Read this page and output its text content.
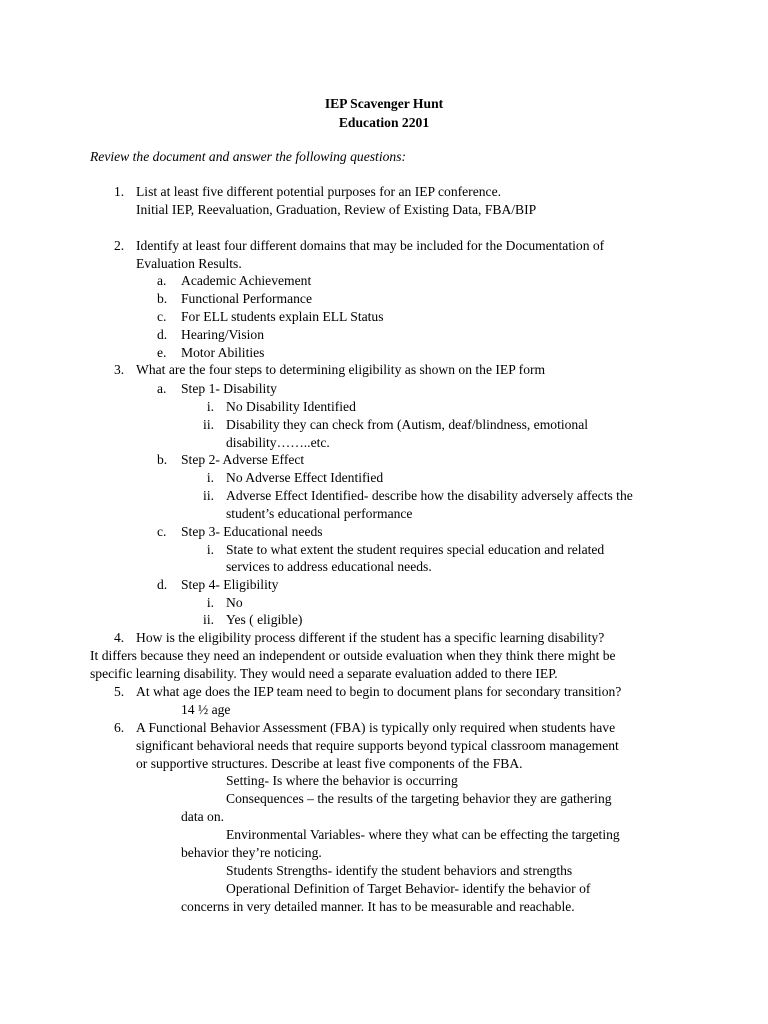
IEP Scavenger Hunt
Education 2201
Review the document and answer the following questions:
1. List at least five different potential purposes for an IEP conference.
Initial IEP, Reevaluation, Graduation, Review of Existing Data, FBA/BIP
2. Identify at least four different domains that may be included for the Documentation of
Evaluation Results.
a. Academic Achievement
b. Functional Performance
c. For ELL students explain ELL Status
d. Hearing/Vision
e. Motor Abilities
3. What are the four steps to determining eligibility as shown on the IEP form
a. Step 1- Disability
i. No Disability Identified
ii. Disability they can check from (Autism, deaf/blindness, emotional
disability……..etc.
b. Step 2- Adverse Effect
i. No Adverse Effect Identified
ii. Adverse Effect Identified- describe how the disability adversely affects the
student’s educational performance
c. Step 3- Educational needs
i. State to what extent the student requires special education and related
services to address educational needs.
d. Step 4- Eligibility
i. No
ii. Yes ( eligible)
4. How is the eligibility process different if the student has a specific learning disability?
It differs because they need an independent or outside evaluation when they think there might be
specific learning disability. They would need a separate evaluation added to there IEP.
5. At what age does the IEP team need to begin to document plans for secondary transition?
14 ½ age
6. A Functional Behavior Assessment (FBA) is typically only required when students have
significant behavioral needs that require supports beyond typical classroom management
or supportive structures. Describe at least five components of the FBA.
Setting- Is where the behavior is occurring
Consequences – the results of the targeting behavior they are gathering
data on.
Environmental Variables- where they what can be effecting the targeting
behavior they’re noticing.
Students Strengths- identify the student behaviors and strengths
Operational Definition of Target Behavior- identify the behavior of
concerns in very detailed manner. It has to be measurable and reachable.
